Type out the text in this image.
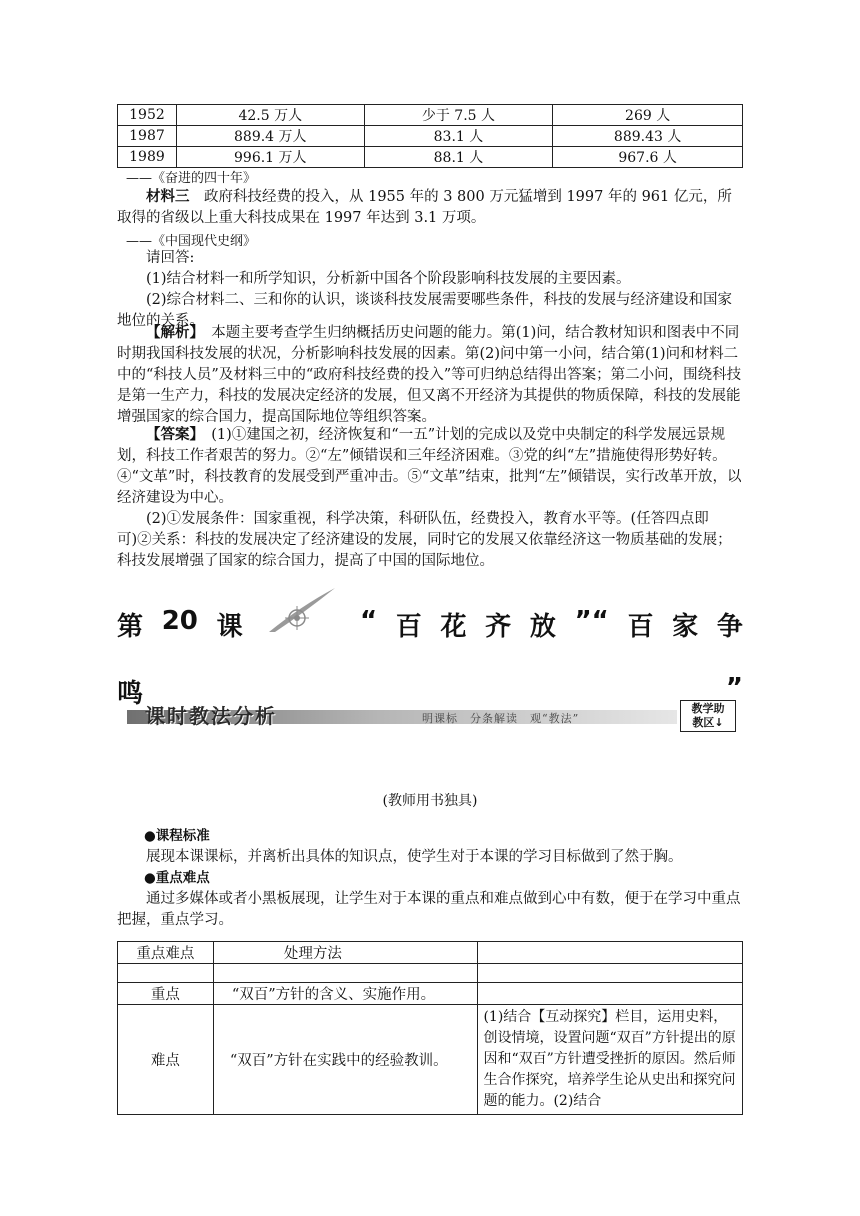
1952	42.5 万人	少于 7.5 人	269 人
1987	889.4 万人	83.1 人	889.43 人
1989	996.1 万人	88.1 人	967.6 人
——《奋进的四十年》
材料三　政府科技经费的投入，从 1955 年的 3 800 万元猛增到 1997 年的 961 亿元，所取得的省级以上重大科技成果在 1997 年达到 3.1 万项。
——《中国现代史纲》
请回答:
(1)结合材料一和所学知识，分析新中国各个阶段影响科技发展的主要因素。
(2)综合材料二、三和你的认识，谈谈科技发展需要哪些条件，科技的发展与经济建设和国家地位的关系。
【解析】　本题主要考查学生归纳概括历史问题的能力。第(1)问，结合教材知识和图表中不同时期我国科技发展的状况，分析影响科技发展的因素。第(2)问中第一小问，结合第(1)问和材料二中的“科技人员”及材料三中的“政府科技经费的投入”等可归纳总结得出答案；第二小问，围绕科技是第一生产力，科技的发展决定经济的发展，但又离不开经济为其提供的物质保障，科技的发展能增强国家的综合国力，提高国际地位等组织答案。
【答案】　(1)①建国之初，经济恢复和“一五”计划的完成以及党中央制定的科学发展远景规划，科技工作者艰苦的努力。②“左”倾错误和三年经济困难。③党的纠“左”措施使得形势好转。④“文革”时，科技教育的发展受到严重冲击。⑤“文革”结束，批判“左”倾错误，实行改革开放，以经济建设为中心。
(2)①发展条件：国家重视，科学决策，科研队伍，经费投入，教育水平等。(任答四点即可)②关系：科技的发展决定了经济建设的发展，同时它的发展又依靠经济这一物质基础的发展；科技发展增强了国家的综合国力，提高了中国的国际地位。
第 20 课	“ 百 花 齐 放 ”“ 百 家 争
鸣	”
课时教法分析	明课标　分条解读　观“教法”
教学助
教区↓
(教师用书独具)
●课程标准
展现本课课标，并离析出具体的知识点，使学生对于本课的学习目标做到了然于胸。
●重点难点
通过多媒体或者小黑板展现，让学生对于本课的重点和难点做到心中有数，便于在学习中重点把握，重点学习。
重点难点	处理方法	

重点	“双百”方针的含义、实施作用。	
难点	“双百”方针在实践中的经验教训。	(1)结合【互动探究】栏目，运用史料，创设情境，设置问题“双百”方针提出的原因和“双百”方针遭受挫折的原因。然后师生合作探究，培养学生论从史出和探究问题的能力。(2)结合
